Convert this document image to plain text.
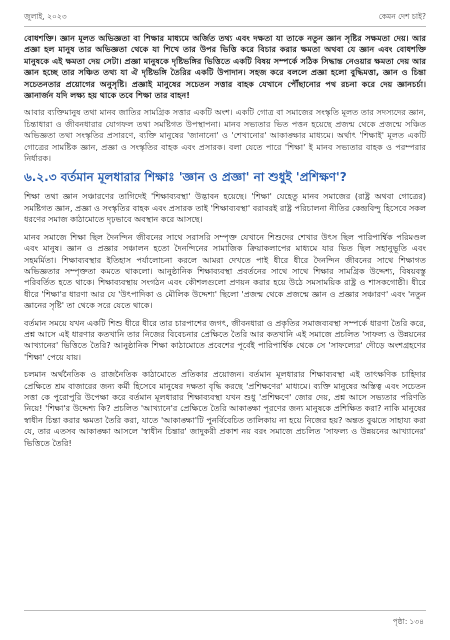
জুলাই, ২০২৩	কেমন দেশ চাই?

বোধশক্তি। জ্ঞান মূলত অভিজ্ঞতা বা শিক্ষার মাধ্যমে অর্জিত তথ্য এবং দক্ষতা যা তাকে নতুন জ্ঞান সৃষ্টির সক্ষমতা দেয়। আর প্রজ্ঞা হল মানুষ তার অভিজ্ঞতা থেকে যা শিখে তার উপর ভিত্তি করে বিচার করার ক্ষমতা অথবা যে জ্ঞান এবং বোধশক্তি মানুষকে এই ক্ষমতা দেয় সেটা। প্রজ্ঞা মানুষকে দৃষ্টিভঙ্গির ভিত্তিতে একটি বিষয় সম্পর্কে সঠিক সিদ্ধান্ত নেওয়ার ক্ষমতা দেয় আর জ্ঞান হচ্ছে তার সঞ্চিত তথ্য যা ঐ দৃষ্টিভঙ্গি তৈরির একটি উপাদান। সহজ করে বললে প্রজ্ঞা হলো বুদ্ধিমত্তা, জ্ঞান ও চিন্তা সচেতনতার প্রয়োগের অনুসৃষ্টি। প্রজ্ঞাই মানুষের সচেতন সত্তার বাহক যেখানে পৌঁছানোর পথ রচনা করে দেয় জ্ঞানচর্চা। জ্ঞানার্জন যদি লক্ষ্য হয় থাকে তবে শিক্ষা তার বাহন!

আবার ব্যক্তিমানুষ তথা মানব জাতির সামগ্রিক সত্তার একটি অংশ। একটি গোত্র বা সমাজের সংস্কৃতি মূলত তার সদস্যদের জ্ঞান, চিন্তাধারা ও জীবনধারার যোগফল তথা সমষ্টিগত উপস্থাপনা। মানব সভ্যতার ভিত পত্তন হয়েছে প্রজন্ম থেকে প্রজন্মে সঞ্চিত অভিজ্ঞতা তথা সংস্কৃতির প্রসারণে, ব্যক্তি মানুষের 'জানানো' ও 'শেখানোর' আকাঙ্ক্ষার মাধ্যমে। অর্থাৎ 'শিক্ষাই' মূলত একটি গোত্রের সামষ্টিক জ্ঞান, প্রজ্ঞা ও সংস্কৃতির বাহক এবং প্রসারক। বলা যেতে পারে 'শিক্ষা' ই মানব সভ্যতার বাহক ও পরম্পরার নির্ধারক।

৬.২.৩ বর্তমান মূলধারার শিক্ষাঃ 'জ্ঞান ও প্রজ্ঞা' না শুধুই 'প্রশিক্ষণ'?

শিক্ষা তথা জ্ঞান সঞ্চারণের তাগিদেই 'শিক্ষাব্যবস্থা' উদ্ভাবন হয়েছে। 'শিক্ষা' যেহেতু মানব সমাজের (রাষ্ট্র অথবা গোত্রের) সমষ্টিগত জ্ঞান, প্রজ্ঞা ও সংস্কৃতির বাহক এবং প্রসারক তাই 'শিক্ষাব্যবস্থা' বরাবরই রাষ্ট্র পরিচালনা নীতির কেন্দ্রবিন্দু হিসেবে সকল ধরণের সমাজ কাঠামোতে দৃঢ়ভাবে অবস্থান করে আসছে।

মানব সমাজে শিক্ষা ছিল দৈনন্দিন জীবনের সাথে সরাসরি সম্পৃক্ত যেখানে শিশুদের শেখার উৎস ছিল পারিপার্শ্বিক পরিমণ্ডল এবং মানুষ। জ্ঞান ও প্রজ্ঞার সঞ্চালন হতো দৈনন্দিনের সামাজিক ক্রিয়াকলাপের মাধ্যমে যার ভিত ছিল সহানুভূতি এবং সহমর্মিতা। শিক্ষাব্যবস্থার ইতিহাস পর্যালোচনা করলে আমরা দেখতে পাই ধীরে ধীরে দৈনন্দিন জীবনের সাথে শিক্ষাগত অভিজ্ঞতার সম্পৃক্ততা কমতে থাকলো। আনুষ্ঠানিক শিক্ষাব্যবস্থা প্রবর্তনের সাথে সাথে শিক্ষার সামগ্রিক উদ্দেশ্য, বিষয়বস্তু পরিবর্তিত হতে থাকে। শিক্ষাব্যবস্থায় সংগঠন এবং কৌশলগুলো প্রণয়ন করার হয়ে উঠে সমসাময়িক রাষ্ট্র ও শাসকগোষ্ঠী। ধীরে ধীরে 'শিক্ষা'র ধারণা আর যে 'উৎপাদিকা ও মৌলিক উদ্দেশ্য' ছিলো 'প্রজন্ম থেকে প্রজন্মে জ্ঞান ও প্রজ্ঞার সঞ্চারণ' এবং 'নতুন জ্ঞানের সৃষ্টি' তা থেকে সরে যেতে থাকে।

বর্তমান সময়ে যখন একটি শিশু ধীরে ধীরে তার চারপাশের জগৎ, জীবনধারা ও প্রকৃতির সমাজব্যবস্থা সম্পর্কে ধারণা তৈরি করে, প্রশ্ন আসে এই ধারণার কতখানি তার নিজের বিবেচনার প্রেক্ষিতে তৈরি আর কতখানি এই সমাজে প্রচলিত 'সাফল্য ও উন্নয়নের আখ্যানের' ভিত্তিতে তৈরি? আনুষ্ঠানিক শিক্ষা কাঠামোতে প্রবেশের পূর্বেই পারিপার্শ্বিক থেকে সে 'সাফল্যের' দৌড়ে অংশগ্রহণের 'শিক্ষা' পেয়ে যায়।

চলমান অর্থনৈতিক ও রাজনৈতিক কাঠামোতে প্রতিকার প্রয়োজন। বর্তমান মূলধারার শিক্ষাব্যবস্থা এই তাৎক্ষণিক চাহিদার প্রেক্ষিতে শ্রম বাজারের জন্য কর্মী হিসেবে মানুষের দক্ষতা বৃদ্ধি করছে 'প্রশিক্ষণের' মাধ্যমে। ব্যক্তি মানুষের অস্তিত্ব এবং সচেতন সত্তা কে পুরোপুরি উপেক্ষা করে বর্তমান মূলধারার শিক্ষাব্যবস্থা যখন শুধু 'প্রশিক্ষণে' জোর দেয়, প্রশ্ন আসে সভ্যতার পরিণতি নিয়ে! 'শিক্ষা'র উদ্দেশ্য কি? প্রচলিত 'আখ্যানে'র প্রেক্ষিতে তৈরি আকাঙ্ক্ষা পূরণের জন্য মানুষকে প্রশিক্ষিত করা? নাকি মানুষের স্বাধীন চিন্তা করার ক্ষমতা তৈরি করা, যাতে 'আকাঙ্ক্ষা'টি পুনর্বিবেচিত তালিকায় না হয়ে নিজের হয়? অন্তত বুঝতে সাহায্য করা যে, তার এতসব আকাঙ্ক্ষা আসলে 'স্বাধীন চিন্তার' জাদুকরী প্রকাশ নয় বরং সমাজে প্রচলিত 'সাফল্য ও উন্নয়নের আখ্যানের' ভিত্তিতে তৈরি!

পৃষ্ঠা: ১৩৪
